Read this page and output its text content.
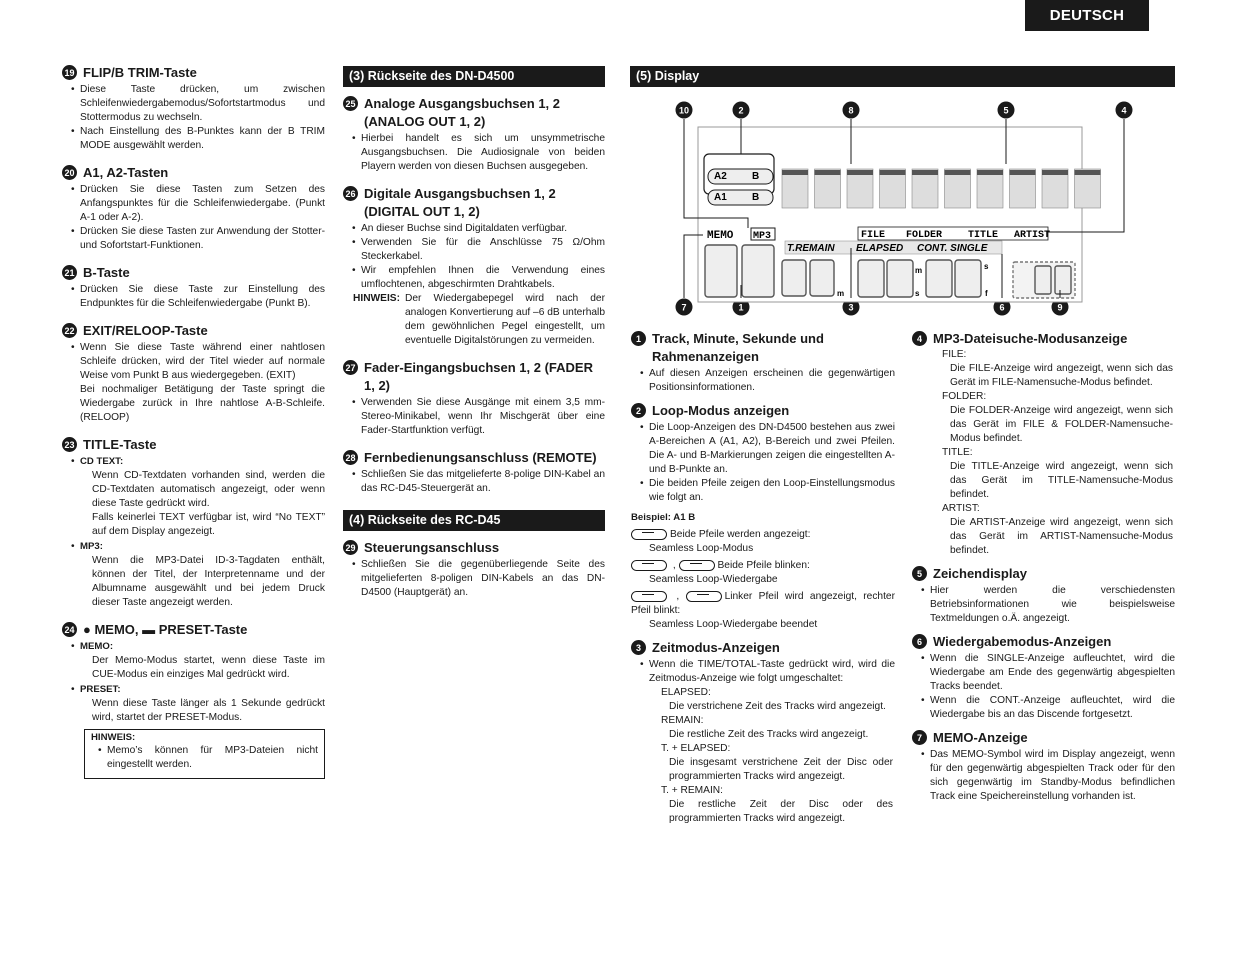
DEUTSCH
19 FLIP/B TRIM-Taste
• Diese Taste drücken, um zwischen Schleifenwiedergabemodus/Sofortstartmodus und Stottermodus zu wechseln.
• Nach Einstellung des B-Punktes kann der B TRIM MODE ausgewählt werden.
20 A1, A2-Tasten
• Drücken Sie diese Tasten zum Setzen des Anfangspunktes für die Schleifenwiedergabe. (Punkt A-1 oder A-2).
• Drücken Sie diese Tasten zur Anwendung der Stotter- und Sofortstart-Funktionen.
21 B-Taste
• Drücken Sie diese Taste zur Einstellung des Endpunktes für die Schleifenwiedergabe (Punkt B).
22 EXIT/RELOOP-Taste
• Wenn Sie diese Taste während einer nahtlosen Schleife drücken, wird der Titel wieder auf normale Weise vom Punkt B aus wiedergegeben. (EXIT)
Bei nochmaliger Betätigung der Taste springt die Wiedergabe zurück in Ihre nahtlose A-B-Schleife. (RELOOP)
23 TITLE-Taste
• CD TEXT:
Wenn CD-Textdaten vorhanden sind, werden die CD-Textdaten automatisch angezeigt, oder wenn diese Taste gedrückt wird.
Falls keinerlei TEXT verfügbar ist, wird “No TEXT” auf dem Display angezeigt.
• MP3:
Wenn die MP3-Datei ID-3-Tagdaten enthält, können der Titel, der Interpretenname und der Albumname ausgewählt und bei jedem Druck dieser Taste angezeigt werden.
24 ● MEMO, ▬ PRESET-Taste
• MEMO:
Der Memo-Modus startet, wenn diese Taste im CUE-Modus ein einziges Mal gedrückt wird.
• PRESET:
Wenn diese Taste länger als 1 Sekunde gedrückt wird, startet der PRESET-Modus.
HINWEIS:
• Memo’s können für MP3-Dateien nicht eingestellt werden.
(3) Rückseite des DN-D4500
25 Analoge Ausgangsbuchsen 1, 2 (ANALOG OUT 1, 2)
• Hierbei handelt es sich um unsymmetrische Ausgangsbuchsen. Die Audiosignale von beiden Playern werden von diesen Buchsen ausgegeben.
26 Digitale Ausgangsbuchsen 1, 2 (DIGITAL OUT 1, 2)
• An dieser Buchse sind Digitaldaten verfügbar.
• Verwenden Sie für die Anschlüsse 75 Ω/Ohm Steckerkabel.
• Wir empfehlen Ihnen die Verwendung eines umflochtenen, abgeschirmten Drahtkabels.
HINWEIS: Der Wiedergabepegel wird nach der analogen Konvertierung auf –6 dB unterhalb dem gewöhnlichen Pegel eingestellt, um eventuelle Digitalstörungen zu vermeiden.
27 Fader-Eingangsbuchsen 1, 2 (FADER 1, 2)
• Verwenden Sie diese Ausgänge mit einem 3,5 mm-Stereo-Minikabel, wenn Ihr Mischgerät über eine Fader-Startfunktion verfügt.
28 Fernbedienungsanschluss (REMOTE)
• Schließen Sie das mitgelieferte 8-polige DIN-Kabel an das RC-D45-Steuergerät an.
(4) Rückseite des RC-D45
29 Steuerungsanschluss
• Schließen Sie die gegenüberliegende Seite des mitgelieferten 8-poligen DIN-Kabels an das DN-D4500 (Hauptgerät) an.
(5) Display
10	2	8	5	4
7	1	3	6	9
A2	B
A1	B
MEMO MP3	FILE FOLDER	TITLE ARTIST
T.REMAIN ELAPSED CONT. SINGLE
m
m
s
s
f
1 Track, Minute, Sekunde und Rahmenanzeigen
• Auf diesen Anzeigen erscheinen die gegenwärtigen Positionsinformationen.
2 Loop-Modus anzeigen
• Die Loop-Anzeigen des DN-D4500 bestehen aus zwei A-Bereichen A (A1, A2), B-Bereich und zwei Pfeilen. Die A- und B-Markierungen zeigen die eingestellten A- und B-Punkte an.
• Die beiden Pfeile zeigen den Loop-Einstellungsmodus wie folgt an.
Beispiel: A1 B
Beide Pfeile werden angezeigt:
Seamless Loop-Modus
,	Beide Pfeile blinken:
Seamless Loop-Wiedergabe
,	Linker Pfeil wird angezeigt, rechter Pfeil blinkt:
Seamless Loop-Wiedergabe beendet
3 Zeitmodus-Anzeigen
• Wenn die TIME/TOTAL-Taste gedrückt wird, wird die Zeitmodus-Anzeige wie folgt umgeschaltet:
ELAPSED:
Die verstrichene Zeit des Tracks wird angezeigt.
REMAIN:
Die restliche Zeit des Tracks wird angezeigt.
T. + ELAPSED:
Die insgesamt verstrichene Zeit der Disc oder programmierten Tracks wird angezeigt.
T. + REMAIN:
Die restliche Zeit der Disc oder des programmierten Tracks wird angezeigt.
4 MP3-Dateisuche-Modusanzeige
FILE:
Die FILE-Anzeige wird angezeigt, wenn sich das Gerät im FILE-Namensuche-Modus befindet.
FOLDER:
Die FOLDER-Anzeige wird angezeigt, wenn sich das Gerät im FILE & FOLDER-Namensuche-Modus befindet.
TITLE:
Die TITLE-Anzeige wird angezeigt, wenn sich das Gerät im TITLE-Namensuche-Modus befindet.
ARTIST:
Die ARTIST-Anzeige wird angezeigt, wenn sich das Gerät im ARTIST-Namensuche-Modus befindet.
5 Zeichendisplay
• Hier werden die verschiedensten Betriebsinformationen wie beispielsweise Textmeldungen o.Ä. angezeigt.
6 Wiedergabemodus-Anzeigen
• Wenn die SINGLE-Anzeige aufleuchtet, wird die Wiedergabe am Ende des gegenwärtig abgespielten Tracks beendet.
• Wenn die CONT.-Anzeige aufleuchtet, wird die Wiedergabe bis an das Discende fortgesetzt.
7 MEMO-Anzeige
• Das MEMO-Symbol wird im Display angezeigt, wenn für den gegenwärtig abgespielten Track oder für den sich gegenwärtig im Standby-Modus befindlichen Track eine Speichereinstellung vorhanden ist.
